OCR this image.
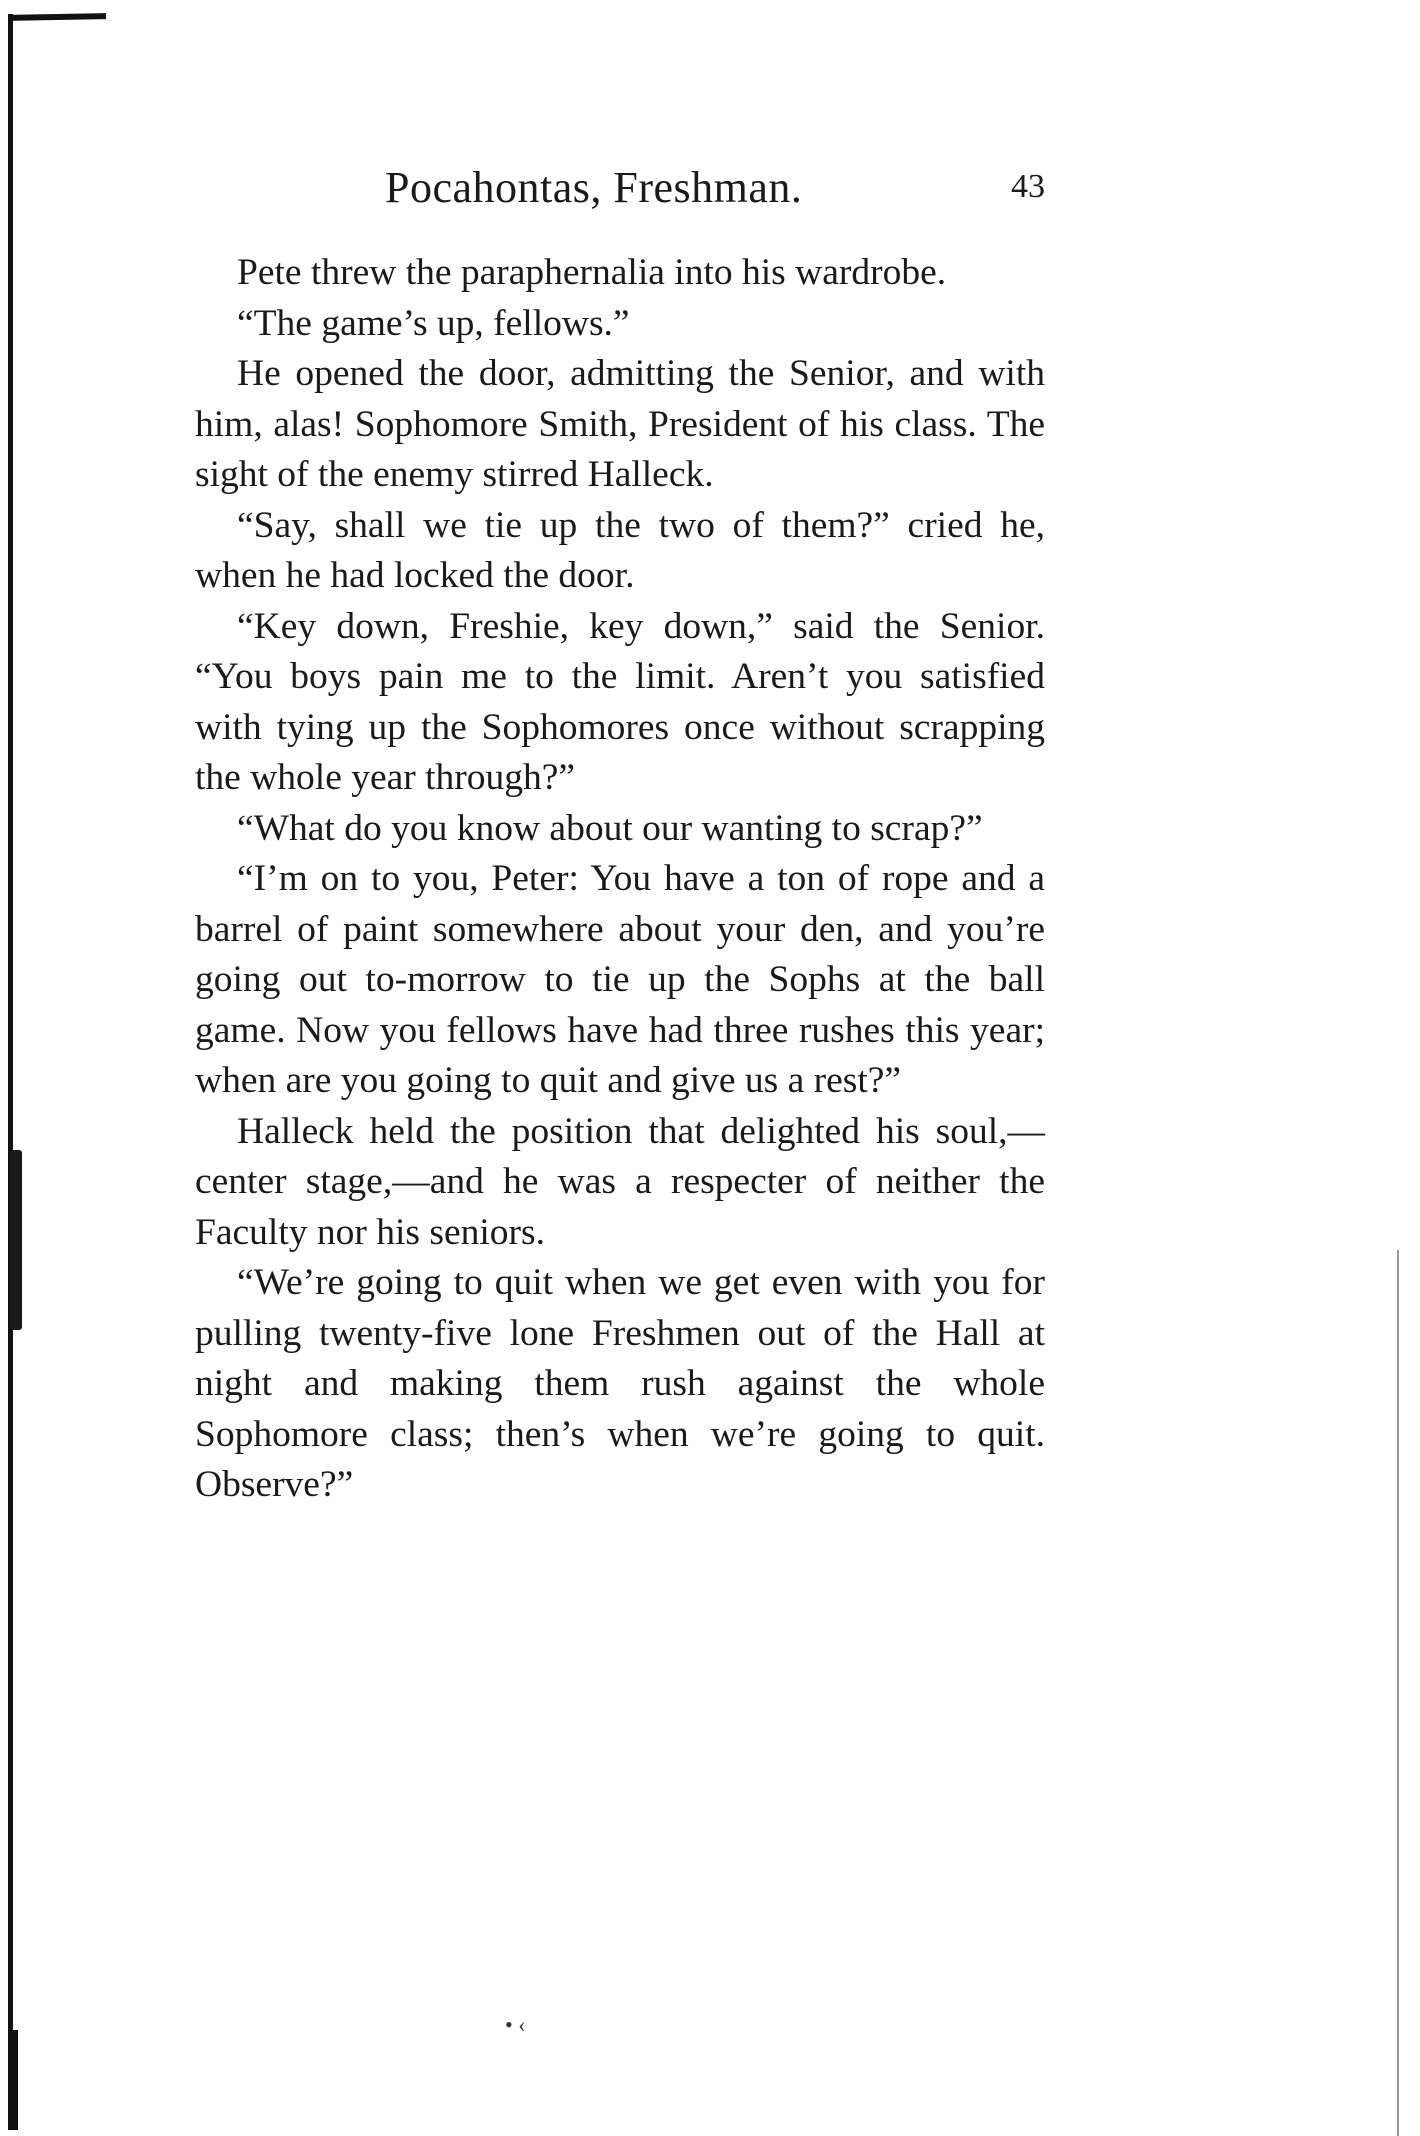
Pocahontas, Freshman.	43

Pete threw the paraphernalia into his wardrobe.

“The game’s up, fellows.”

He opened the door, admitting the Senior, and with him, alas! Sophomore Smith, President of his class. The sight of the enemy stirred Halleck.

“Say, shall we tie up the two of them?” cried he, when he had locked the door.

“Key down, Freshie, key down,” said the Senior. “You boys pain me to the limit. Aren’t you satisfied with tying up the Sophomores once without scrapping the whole year through?”

“What do you know about our wanting to scrap?”

“I’m on to you, Peter: You have a ton of rope and a barrel of paint somewhere about your den, and you’re going out to-morrow to tie up the Sophs at the ball game. Now you fellows have had three rushes this year; when are you going to quit and give us a rest?”

Halleck held the position that delighted his soul,—center stage,—and he was a respecter of neither the Faculty nor his seniors.

“We’re going to quit when we get even with you for pulling twenty-five lone Freshmen out of the Hall at night and making them rush against the whole Sophomore class; then’s when we’re going to quit. Observe?”

• ‹
